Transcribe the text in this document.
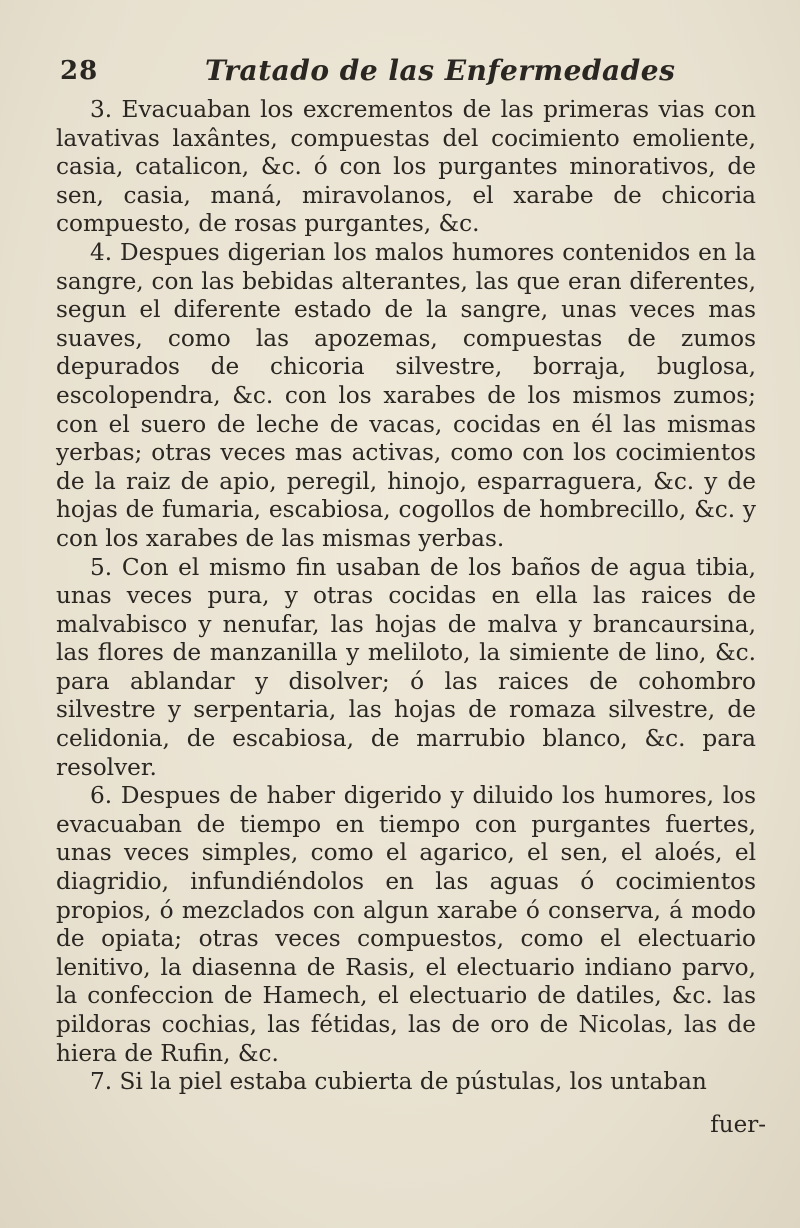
28	Tratado de las Enfermedades

3. Evacuaban los excrementos de las primeras vias con lavativas laxântes, compuestas del cocimiento emoliente, casia, catalicon, &c. ó con los purgantes minorativos, de sen, casia, maná, miravolanos, el xarabe de chicoria compuesto, de rosas purgantes, &c.

4. Despues digerian los malos humores contenidos en la sangre, con las bebidas alterantes, las que eran diferentes, segun el diferente estado de la sangre, unas veces mas suaves, como las apozemas, compuestas de zumos depurados de chicoria silvestre, borraja, buglosa, escolopendra, &c. con los xarabes de los mismos zumos; con el suero de leche de vacas, cocidas en él las mismas yerbas; otras veces mas activas, como con los cocimientos de la raiz de apio, peregil, hinojo, esparraguera, &c. y de hojas de fumaria, escabiosa, cogollos de hombrecillo, &c. y con los xarabes de las mismas yerbas.

5. Con el mismo fin usaban de los baños de agua tibia, unas veces pura, y otras cocidas en ella las raices de malvabisco y nenufar, las hojas de malva y brancaursina, las flores de manzanilla y meliloto, la simiente de lino, &c. para ablandar y disolver; ó las raices de cohombro silvestre y serpentaria, las hojas de romaza silvestre, de celidonia, de escabiosa, de marrubio blanco, &c. para resolver.

6. Despues de haber digerido y diluido los humores, los evacuaban de tiempo en tiempo con purgantes fuertes, unas veces simples, como el agarico, el sen, el aloés, el diagridio, infundiéndolos en las aguas ó cocimientos propios, ó mezclados con algun xarabe ó conserva, á modo de opiata; otras veces compuestos, como el electuario lenitivo, la diasenna de Rasis, el electuario indiano parvo, la confeccion de Hamech, el electuario de datiles, &c. las pildoras cochias, las fétidas, las de oro de Nicolas, las de hiera de Rufin, &c.

7. Si la piel estaba cubierta de pústulas, los untaban

fuer-
